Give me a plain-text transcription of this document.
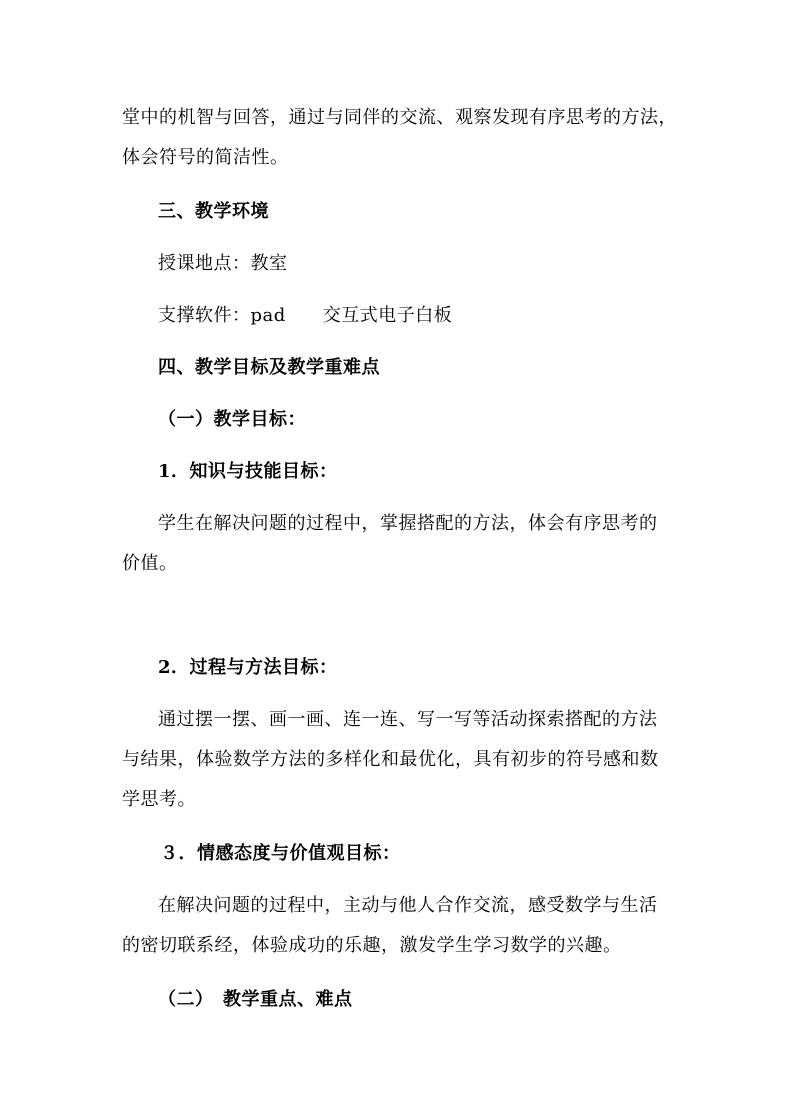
堂中的机智与回答，通过与同伴的交流、观察发现有序思考的方法，
体会符号的简洁性。
三、教学环境
授课地点：教室
支撑软件：pad　　交互式电子白板
四、教学目标及教学重难点
（一）教学目标：
1．知识与技能目标：
学生在解决问题的过程中，掌握搭配的方法，体会有序思考的
价值。
2．过程与方法目标：
通过摆一摆、画一画、连一连、写一写等活动探索搭配的方法
与结果，体验数学方法的多样化和最优化，具有初步的符号感和数
学思考。
３．情感态度与价值观目标：
在解决问题的过程中，主动与他人合作交流，感受数学与生活
的密切联系经，体验成功的乐趣，激发学生学习数学的兴趣。
（二）　教学重点、难点
